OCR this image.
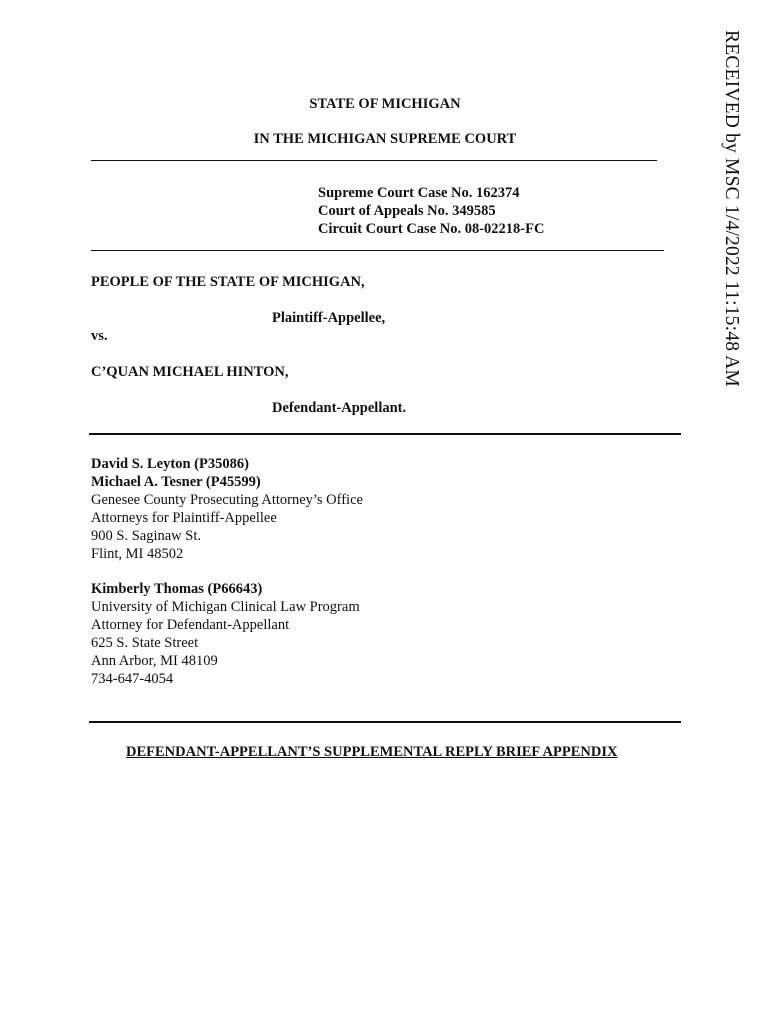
RECEIVED by MSC 1/4/2022 11:15:48 AM
STATE OF MICHIGAN
IN THE MICHIGAN SUPREME COURT
Supreme Court Case No. 162374
Court of Appeals No. 349585
Circuit Court Case No. 08-02218-FC
PEOPLE OF THE STATE OF MICHIGAN,
Plaintiff-Appellee,
vs.
C’QUAN MICHAEL HINTON,
Defendant-Appellant.
David S. Leyton (P35086)
Michael A. Tesner (P45599)
Genesee County Prosecuting Attorney’s Office
Attorneys for Plaintiff-Appellee
900 S. Saginaw St.
Flint, MI 48502
Kimberly Thomas (P66643)
University of Michigan Clinical Law Program
Attorney for Defendant-Appellant
625 S. State Street
Ann Arbor, MI 48109
734-647-4054
DEFENDANT-APPELLANT’S SUPPLEMENTAL REPLY BRIEF APPENDIX
